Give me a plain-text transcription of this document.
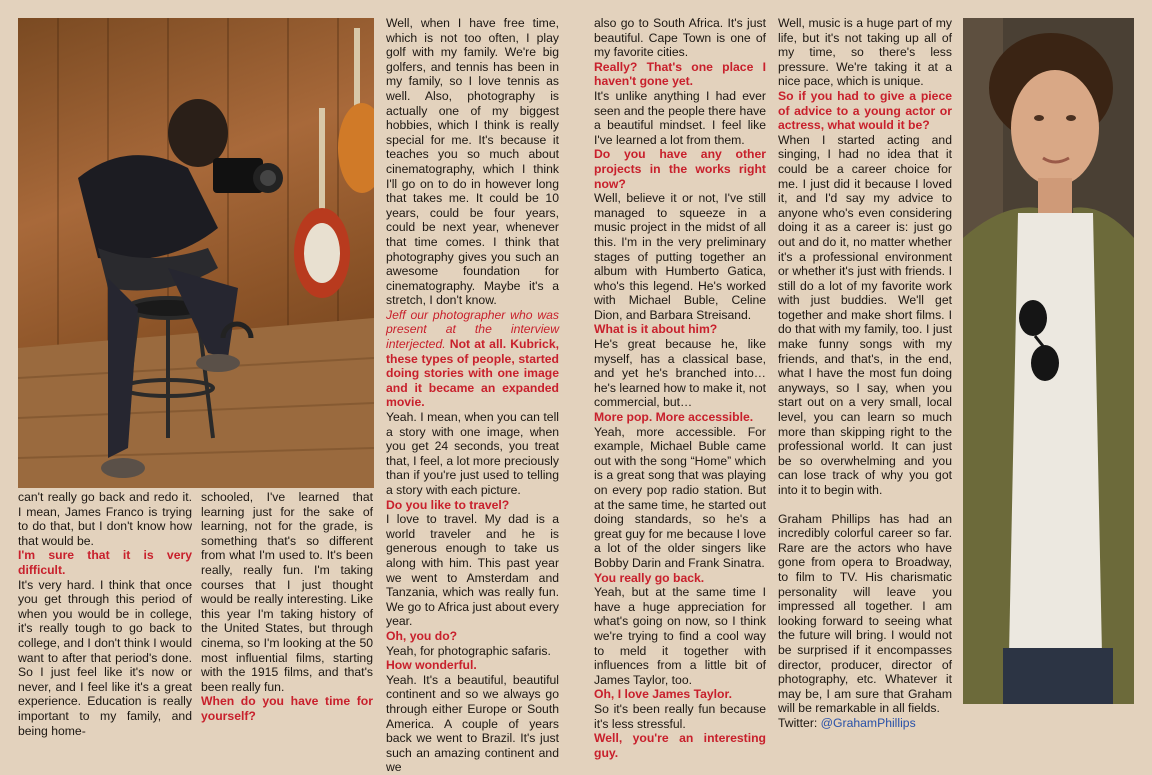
can't really go back and redo it. I mean, James Franco is trying to do that, but I don't know how that would be.

I'm sure that it is very difficult.

It's very hard. I think that once you get through this period of when you would be in college, it's really tough to go back to college, and I don't think I would want to after that period's done. So I just feel like it's now or never, and I feel like it's a great experience. Education is really important to my family, and being home-

schooled, I've learned that learning just for the sake of learning, not for the grade, is something that's so different from what I'm used to. It's been really, really fun. I'm taking courses that I just thought would be really interesting. Like this year I'm taking history of the United States, but through cinema, so I'm looking at the 50 most influential films, starting with the 1915 films, and that's been really fun.

When do you have time for yourself?

Well, when I have free time, which is not too often, I play golf with my family. We're big golfers, and tennis has been in my family, so I love tennis as well. Also, photography is actually one of my biggest hobbies, which I think is really special for me. It's because it teaches you so much about cinematography, which I think I'll go on to do in however long that takes me. It could be 10 years, could be four years, could be next year, whenever that time comes. I think that photography gives you such an awesome foundation for cinematography. Maybe it's a stretch, I don't know.

Jeff our photographer who was present at the interview interjected. Not at all. Kubrick, these types of people, started doing stories with one image and it became an expanded movie.

Yeah. I mean, when you can tell a story with one image, when you get 24 seconds, you treat that, I feel, a lot more preciously than if you're just used to telling a story with each picture.

Do you like to travel?

I love to travel. My dad is a world traveler and he is generous enough to take us along with him. This past year we went to Amsterdam and Tanzania, which was really fun. We go to Africa just about every year.

Oh, you do?

Yeah, for photographic safaris.

How wonderful.

Yeah. It's a beautiful, beautiful continent and so we always go through either Europe or South America. A couple of years back we went to Brazil. It's just such an amazing continent and we

also go to South Africa. It's just beautiful. Cape Town is one of my favorite cities.

Really? That's one place I haven't gone yet.

It's unlike anything I had ever seen and the people there have a beautiful mindset. I feel like I've learned a lot from them.

Do you have any other projects in the works right now?

Well, believe it or not, I've still managed to squeeze in a music project in the midst of all this. I'm in the very preliminary stages of putting together an album with Humberto Gatica, who's this legend. He's worked with Michael Buble, Celine Dion, and Barbara Streisand.

What is it about him?

He's great because he, like myself, has a classical base, and yet he's branched into… he's learned how to make it, not commercial, but…

More pop. More accessible.

Yeah, more accessible. For example, Michael Buble came out with the song “Home” which is a great song that was playing on every pop radio station. But at the same time, he started out doing standards, so he's a great guy for me because I love a lot of the older singers like Bobby Darin and Frank Sinatra.

You really go back.

Yeah, but at the same time I have a huge appreciation for what's going on now, so I think we're trying to find a cool way to meld it together with influences from a little bit of James Taylor, too.

Oh, I love James Taylor.

So it's been really fun because it's less stressful.

Well, you're an interesting guy.

Well, music is a huge part of my life, but it's not taking up all of my time, so there's less pressure. We're taking it at a nice pace, which is unique.

So if you had to give a piece of advice to a young actor or actress, what would it be?

When I started acting and singing, I had no idea that it could be a career choice for me. I just did it because I loved it, and I'd say my advice to anyone who's even considering doing it as a career is: just go out and do it, no matter whether it's a professional environment or whether it's just with friends. I still do a lot of my favorite work with just buddies. We'll get together and make short films. I do that with my family, too. I just make funny songs with my friends, and that's, in the end, what I have the most fun doing anyways, so I say, when you start out on a very small, local level, you can learn so much more than skipping right to the professional world. It can just be so overwhelming and you can lose track of why you got into it to begin with.

Graham Phillips has had an incredibly colorful career so far. Rare are the actors who have gone from opera to Broadway, to film to TV. His charismatic personality will leave you impressed all together. I am looking forward to seeing what the future will bring. I would not be surprised if it encompasses director, producer, director of photography, etc. Whatever it may be, I am sure that Graham will be remarkable in all fields.

Twitter: @GrahamPhillips
